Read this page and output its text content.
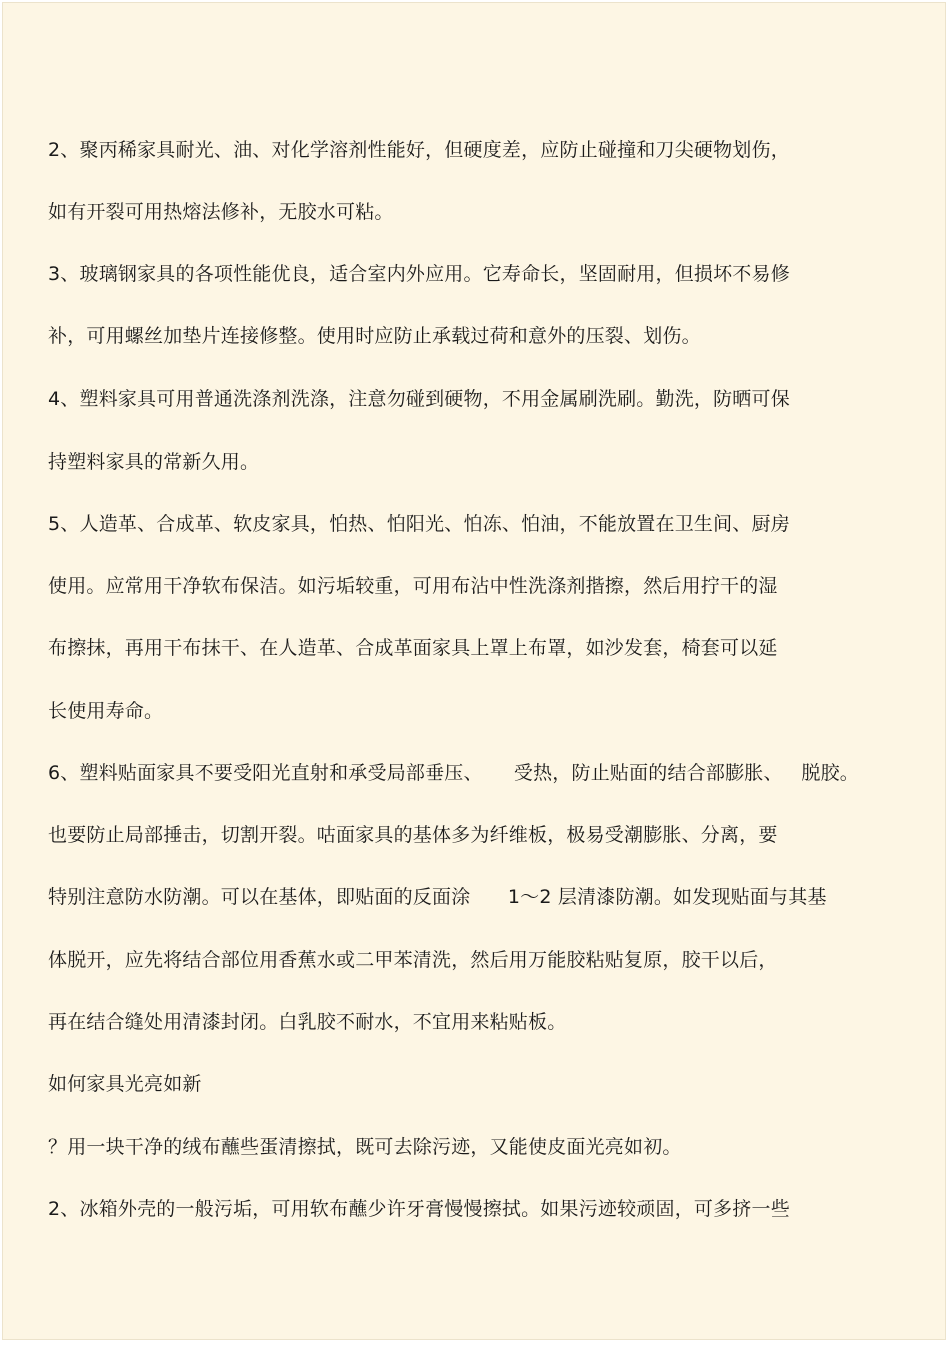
2、聚丙稀家具耐光、油、对化学溶剂性能好，但硬度差，应防止碰撞和刀尖硬物划伤，

如有开裂可用热熔法修补，无胶水可粘。

3、玻璃钢家具的各项性能优良，适合室内外应用。它寿命长，坚固耐用，但损坏不易修

补，可用螺丝加垫片连接修整。使用时应防止承载过荷和意外的压裂、划伤。

4、塑料家具可用普通洗涤剂洗涤，注意勿碰到硬物，不用金属刷洗刷。勤洗，防晒可保

持塑料家具的常新久用。

5、人造革、合成革、软皮家具，怕热、怕阳光、怕冻、怕油，不能放置在卫生间、厨房

使用。应常用干净软布保洁。如污垢较重，可用布沾中性洗涤剂揩擦，然后用拧干的湿

布擦抹，再用干布抹干、在人造革、合成革面家具上罩上布罩，如沙发套，椅套可以延

长使用寿命。

6、塑料贴面家具不要受阳光直射和承受局部垂压、     受热，防止贴面的结合部膨胀、   脱胶。

也要防止局部捶击，切割开裂。咕面家具的基体多为纤维板，极易受潮膨胀、分离，要

特别注意防水防潮。可以在基体，即贴面的反面涂      1～2 层清漆防潮。如发现贴面与其基

体脱开，应先将结合部位用香蕉水或二甲苯清洗，然后用万能胶粘贴复原，胶干以后，

再在结合缝处用清漆封闭。白乳胶不耐水，不宜用来粘贴板。

如何家具光亮如新

？用一块干净的绒布蘸些蛋清擦拭，既可去除污迹，又能使皮面光亮如初。

2、冰箱外壳的一般污垢，可用软布蘸少许牙膏慢慢擦拭。如果污迹较顽固，可多挤一些
